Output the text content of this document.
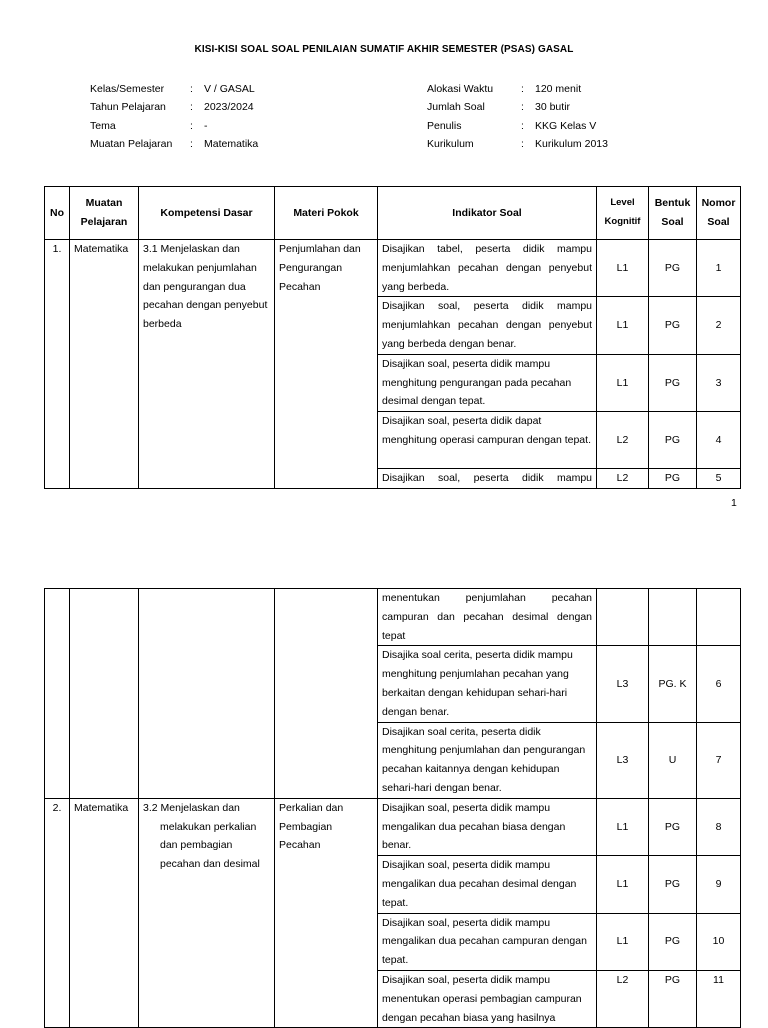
KISI-KISI SOAL SOAL PENILAIAN SUMATIF AKHIR SEMESTER (PSAS) GASAL
Kelas/Semester	:	V / GASAL
Tahun Pelajaran	:	2023/2024
Tema	:	-
Muatan Pelajaran	:	Matematika
Alokasi Waktu	:	120 menit
Jumlah Soal	:	30 butir
Penulis	:	KKG Kelas V
Kurikulum	:	Kurikulum 2013
No	Muatan Pelajaran	Kompetensi Dasar	Materi Pokok	Indikator Soal	Level Kognitif	Bentuk Soal	Nomor Soal
1.	Matematika	3.1 Menjelaskan dan melakukan penjumlahan dan pengurangan dua pecahan dengan penyebut berbeda	Penjumlahan dan Pengurangan Pecahan	Disajikan tabel, peserta didik mampu menjumlahkan pecahan dengan penyebut yang berbeda.	L1	PG	1
				Disajikan soal, peserta didik mampu menjumlahkan pecahan dengan penyebut yang berbeda dengan benar.	L1	PG	2
				Disajikan soal, peserta didik mampu menghitung pengurangan pada pecahan desimal dengan tepat.	L1	PG	3
				Disajikan soal, peserta didik dapat menghitung operasi campuran dengan tepat.	L2	PG	4
				Disajikan soal, peserta didik mampu	L2	PG	5
1
				menentukan penjumlahan pecahan campuran dan pecahan desimal dengan tepat			
				Disajika soal cerita, peserta didik mampu menghitung penjumlahan pecahan yang berkaitan dengan kehidupan sehari-hari dengan benar.	L3	PG. K	6
				Disajikan soal cerita, peserta didik menghitung penjumlahan dan pengurangan pecahan kaitannya dengan kehidupan sehari-hari dengan benar.	L3	U	7
2.	Matematika	3.2 Menjelaskan dan
melakukan perkalian dan pembagian pecahan dan desimal	Perkalian dan Pembagian Pecahan	Disajikan soal, peserta didik mampu mengalikan dua pecahan biasa dengan benar.	L1	PG	8
				Disajikan soal, peserta didik mampu mengalikan dua pecahan desimal dengan tepat.	L1	PG	9
				Disajikan soal, peserta didik mampu mengalikan dua pecahan campuran dengan tepat.	L1	PG	10
				Disajikan soal, peserta didik mampu menentukan operasi pembagian campuran dengan pecahan biasa yang hasilnya	L2	PG	11
